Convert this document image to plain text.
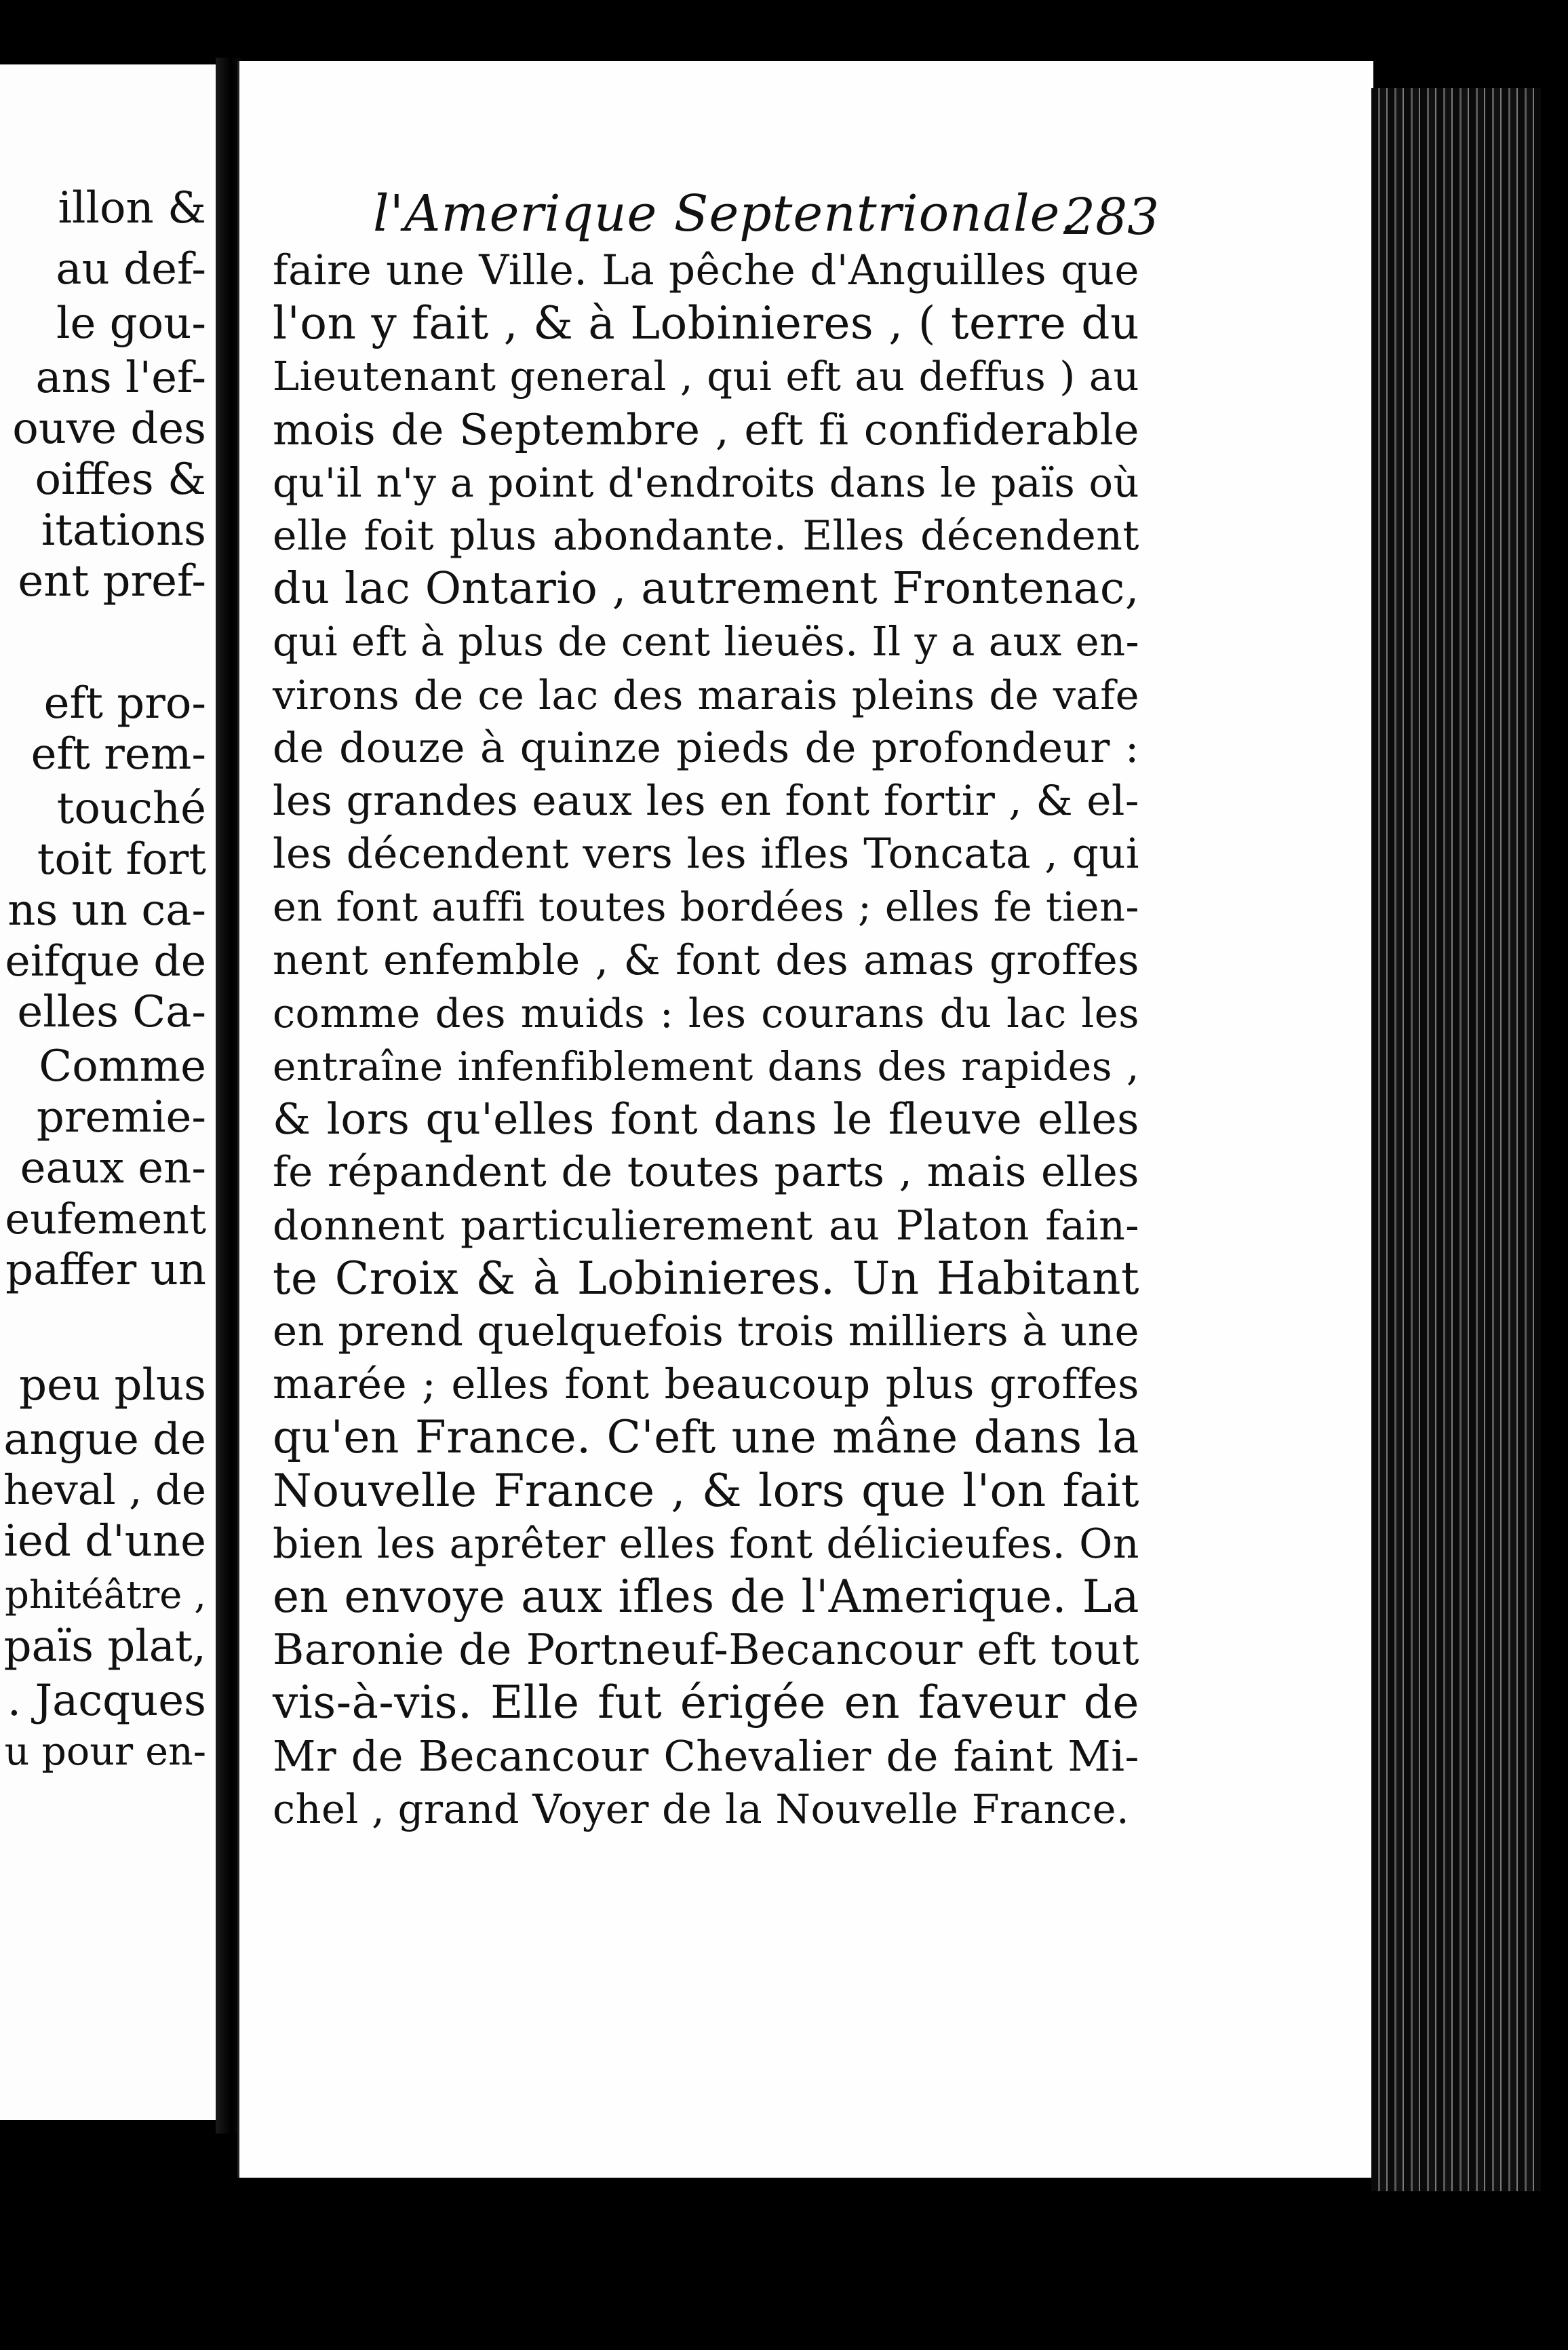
illon &
au def-
le gou-
ans l'ef-
ouve des
oiffes &
itations
ent pref-
eft pro-
eft rem-
touché
toit fort
ns un ca-
eifque de
elles Ca-
Comme
premie-
eaux en-
eufement
paffer un
peu plus
angue de
heval , de
ied d'une
phitéâtre ,
païs plat,
. Jacques
u pour en-
l'Amerique Septentrionale.
283
faire une Ville. La pêche d'Anguilles que
l'on y fait , & à Lobinieres , ( terre du
Lieutenant general , qui eft au deffus ) au
mois de Septembre , eft fi confiderable
qu'il n'y a point d'endroits dans le païs où
elle foit plus abondante. Elles décendent
du lac Ontario , autrement Frontenac,
qui eft à plus de cent lieuës. Il y a aux en-
virons de ce lac des marais pleins de vafe
de douze à quinze pieds de profondeur :
les grandes eaux les en font fortir , & el-
les décendent vers les ifles Toncata , qui
en font auffi toutes bordées ; elles fe tien-
nent enfemble , & font des amas groffes
comme des muids : les courans du lac les
entraîne infenfiblement dans des rapides ,
& lors qu'elles font dans le fleuve elles
fe répandent de toutes parts , mais elles
donnent particulierement au Platon fain-
te Croix & à Lobinieres. Un Habitant
en prend quelquefois trois milliers à une
marée ; elles font beaucoup plus groffes
qu'en France. C'eft une mâne dans la
Nouvelle France , & lors que l'on fait
bien les aprêter elles font délicieufes. On
en envoye aux ifles de l'Amerique. La
Baronie de Portneuf-Becancour eft tout
vis-à-vis. Elle fut érigée en faveur de
Mr de Becancour Chevalier de faint Mi-
chel , grand Voyer de la Nouvelle France.
